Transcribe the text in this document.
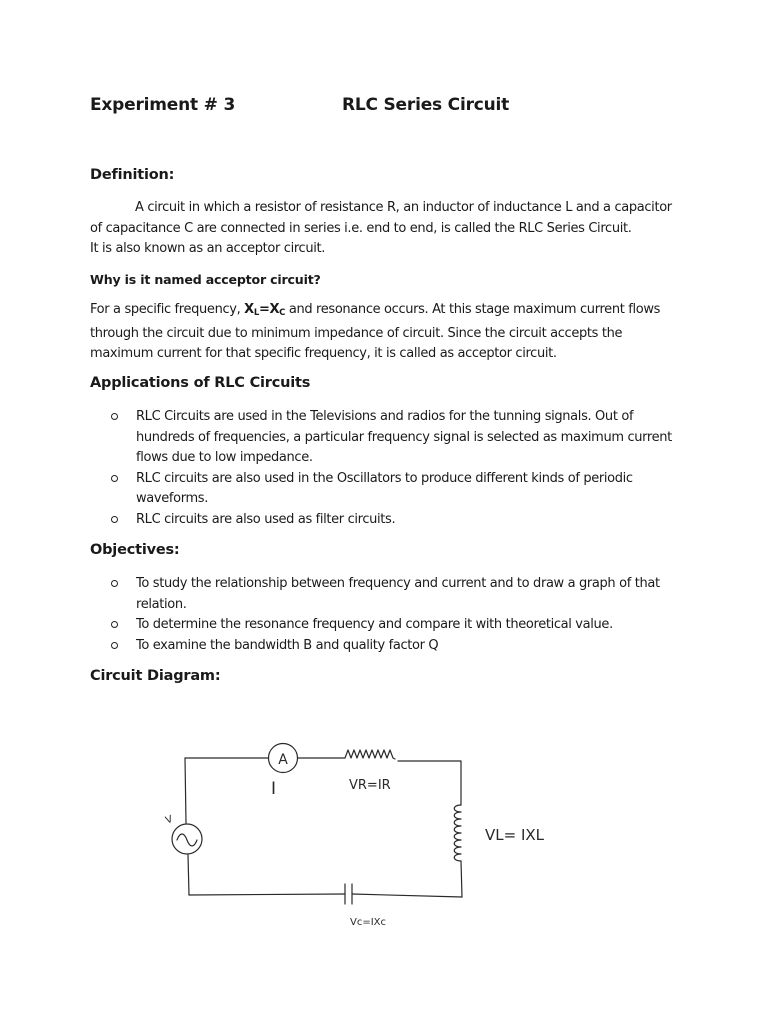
Experiment # 3	RLC Series Circuit
Definition:
A circuit in which a resistor of resistance R, an inductor of inductance L and a capacitor
of capacitance C are connected in series i.e. end to end, is called the RLC Series Circuit.
It is also known as an acceptor circuit.
Why is it named acceptor circuit?
For a specific frequency, $X_L=X_C$ and resonance occurs. At this stage maximum current flows
through the circuit due to minimum impedance of circuit. Since the circuit accepts the
maximum current for that specific frequency, it is called as acceptor circuit.
Applications of RLC Circuits
RLC Circuits are used in the Televisions and radios for the tunning signals. Out of
hundreds of frequencies, a particular frequency signal is selected as maximum current
flows due to low impedance.
RLC circuits are also used in the Oscillators to produce different kinds of periodic
waveforms.
RLC circuits are also used as filter circuits.
Objectives:
To study the relationship between frequency and current and to draw a graph of that
relation.
To determine the resonance frequency and compare it with theoretical value.
To examine the bandwidth B and quality factor Q
Circuit Diagram:
A
I
V
VR=IR
VL= IXL
Vc=IXc
